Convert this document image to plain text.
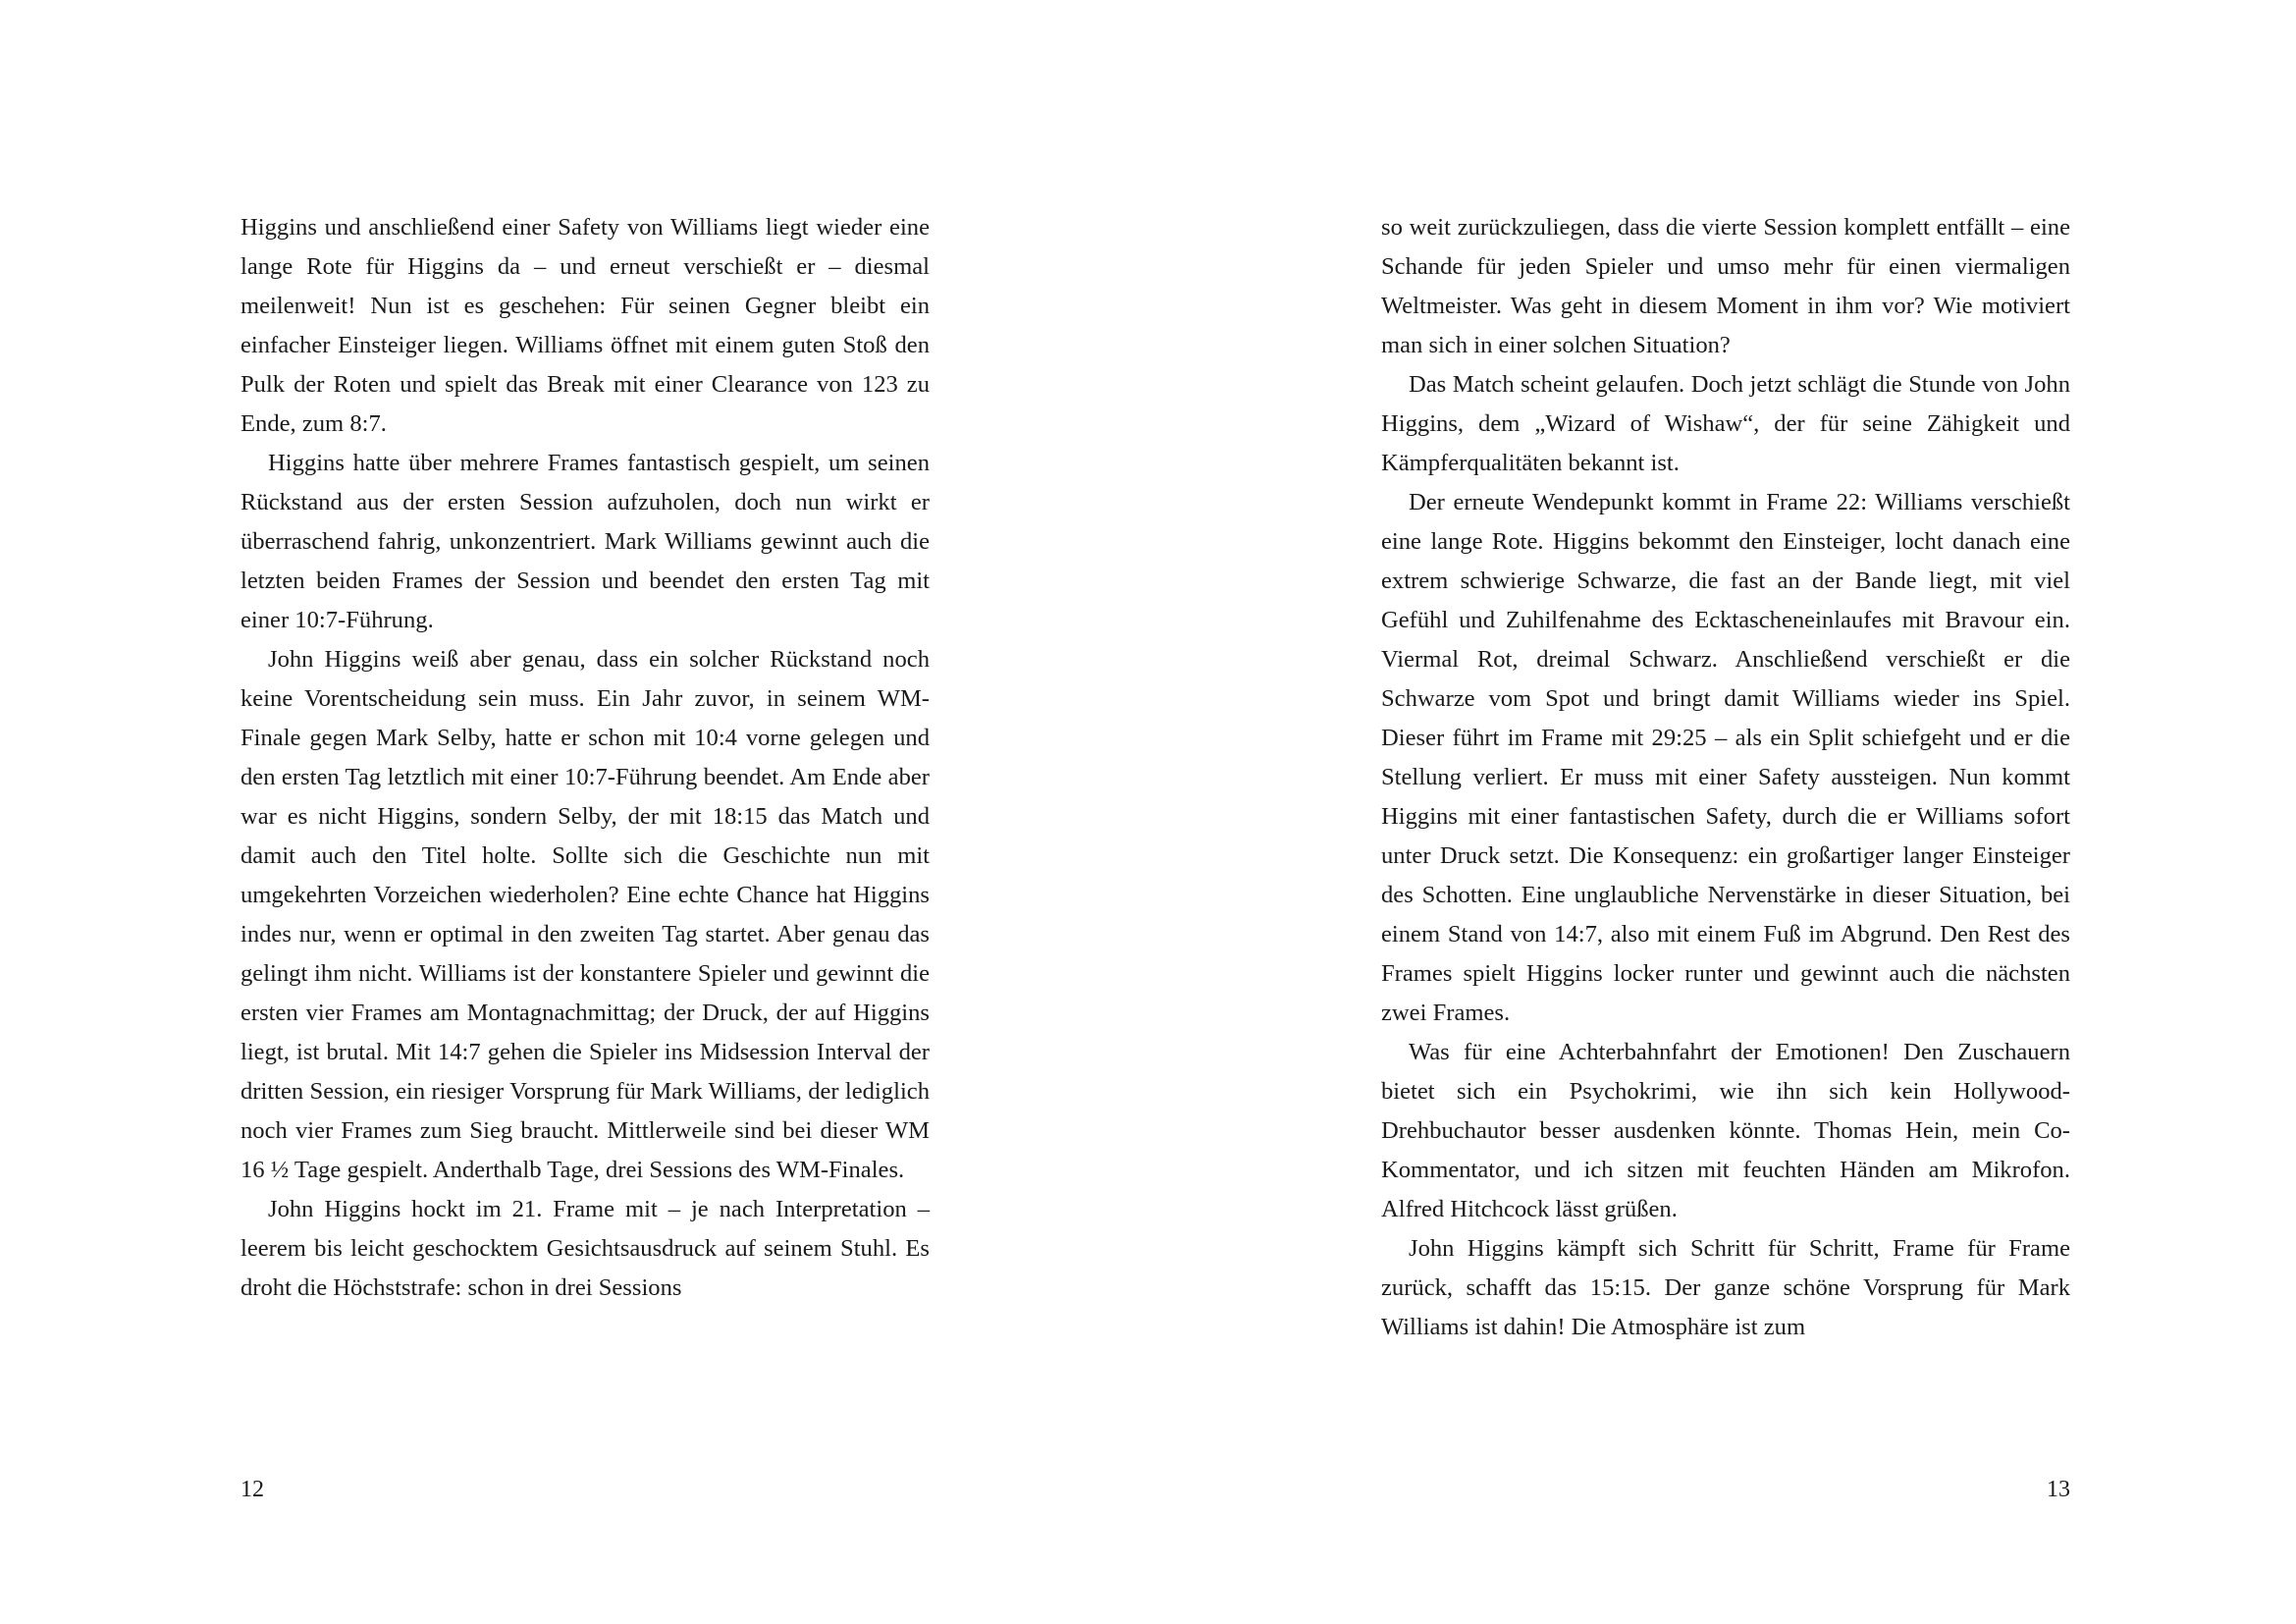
Higgins und anschließend einer Safety von Williams liegt wieder eine lange Rote für Higgins da – und erneut verschießt er – diesmal meilenweit! Nun ist es geschehen: Für seinen Gegner bleibt ein einfacher Einsteiger liegen. Williams öffnet mit einem guten Stoß den Pulk der Roten und spielt das Break mit einer Clearance von 123 zu Ende, zum 8:7.

Higgins hatte über mehrere Frames fantastisch gespielt, um seinen Rückstand aus der ersten Session aufzuholen, doch nun wirkt er überraschend fahrig, unkonzentriert. Mark Williams gewinnt auch die letzten beiden Frames der Session und beendet den ersten Tag mit einer 10:7-Führung.

John Higgins weiß aber genau, dass ein solcher Rückstand noch keine Vorentscheidung sein muss. Ein Jahr zuvor, in seinem WM-Finale gegen Mark Selby, hatte er schon mit 10:4 vorne gelegen und den ersten Tag letztlich mit einer 10:7-Führung beendet. Am Ende aber war es nicht Higgins, sondern Selby, der mit 18:15 das Match und damit auch den Titel holte. Sollte sich die Geschichte nun mit umgekehrten Vorzeichen wiederholen? Eine echte Chance hat Higgins indes nur, wenn er optimal in den zweiten Tag startet. Aber genau das gelingt ihm nicht. Williams ist der konstantere Spieler und gewinnt die ersten vier Frames am Montagnachmittag; der Druck, der auf Higgins liegt, ist brutal. Mit 14:7 gehen die Spieler ins Midsession Interval der dritten Session, ein riesiger Vorsprung für Mark Williams, der lediglich noch vier Frames zum Sieg braucht. Mittlerweile sind bei dieser WM 16 ½ Tage gespielt. Anderthalb Tage, drei Sessions des WM-Finales.

John Higgins hockt im 21. Frame mit – je nach Interpretation – leerem bis leicht geschocktem Gesichtsausdruck auf seinem Stuhl. Es droht die Höchststrafe: schon in drei Sessions

12

so weit zurückzuliegen, dass die vierte Session komplett entfällt – eine Schande für jeden Spieler und umso mehr für einen viermaligen Weltmeister. Was geht in diesem Moment in ihm vor? Wie motiviert man sich in einer solchen Situation?

Das Match scheint gelaufen. Doch jetzt schlägt die Stunde von John Higgins, dem „Wizard of Wishaw“, der für seine Zähigkeit und Kämpferqualitäten bekannt ist.

Der erneute Wendepunkt kommt in Frame 22: Williams verschießt eine lange Rote. Higgins bekommt den Einsteiger, locht danach eine extrem schwierige Schwarze, die fast an der Bande liegt, mit viel Gefühl und Zuhilfenahme des Ecktascheneinlaufes mit Bravour ein. Viermal Rot, dreimal Schwarz. Anschließend verschießt er die Schwarze vom Spot und bringt damit Williams wieder ins Spiel. Dieser führt im Frame mit 29:25 – als ein Split schiefgeht und er die Stellung verliert. Er muss mit einer Safety aussteigen. Nun kommt Higgins mit einer fantastischen Safety, durch die er Williams sofort unter Druck setzt. Die Konsequenz: ein großartiger langer Einsteiger des Schotten. Eine unglaubliche Nervenstärke in dieser Situation, bei einem Stand von 14:7, also mit einem Fuß im Abgrund. Den Rest des Frames spielt Higgins locker runter und gewinnt auch die nächsten zwei Frames.

Was für eine Achterbahnfahrt der Emotionen! Den Zuschauern bietet sich ein Psychokrimi, wie ihn sich kein Hollywood-Drehbuchautor besser ausdenken könnte. Thomas Hein, mein Co-Kommentator, und ich sitzen mit feuchten Händen am Mikrofon. Alfred Hitchcock lässt grüßen.

John Higgins kämpft sich Schritt für Schritt, Frame für Frame zurück, schafft das 15:15. Der ganze schöne Vorsprung für Mark Williams ist dahin! Die Atmosphäre ist zum

13
